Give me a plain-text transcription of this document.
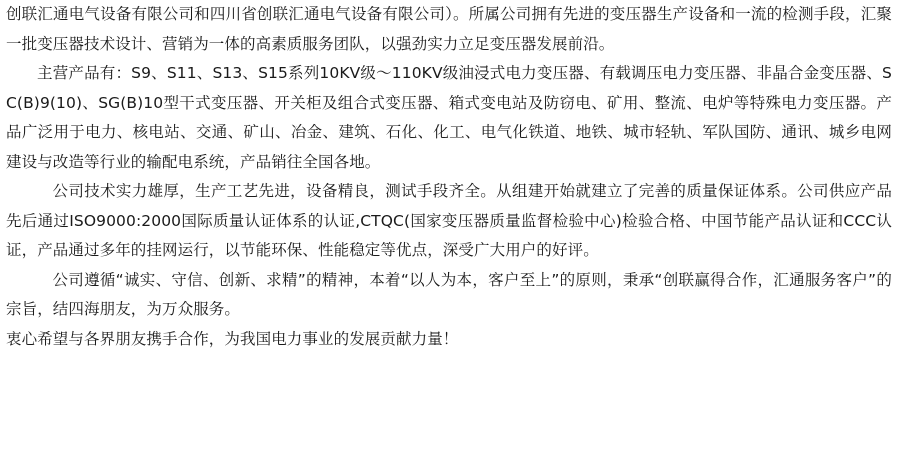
创联汇通电气设备有限公司和四川省创联汇通电气设备有限公司）。所属公司拥有先进的变压器生产设备和一流的检测手段，汇聚一批变压器技术设计、营销为一体的高素质服务团队，以强劲实力立足变压器发展前沿。

主营产品有：S9、S11、S13、S15系列10KV级～110KV级油浸式电力变压器、有载调压电力变压器、非晶合金变压器、SC(B)9(10)、SG(B)10型干式变压器、开关柜及组合式变压器、箱式变电站及防窃电、矿用、整流、电炉等特殊电力变压器。产品广泛用于电力、核电站、交通、矿山、冶金、建筑、石化、化工、电气化铁道、地铁、城市轻轨、军队国防、通讯、城乡电网建设与改造等行业的输配电系统，产品销往全国各地。

公司技术实力雄厚，生产工艺先进，设备精良，测试手段齐全。从组建开始就建立了完善的质量保证体系。公司供应产品先后通过ISO9000:2000国际质量认证体系的认证,CTQC(国家变压器质量监督检验中心)检验合格、中国节能产品认证和CCC认证，产品通过多年的挂网运行，以节能环保、性能稳定等优点，深受广大用户的好评。

公司遵循“诚实、守信、创新、求精”的精神，本着“以人为本，客户至上”的原则，秉承“创联赢得合作，汇通服务客户”的宗旨，结四海朋友，为万众服务。

衷心希望与各界朋友携手合作，为我国电力事业的发展贡献力量！
